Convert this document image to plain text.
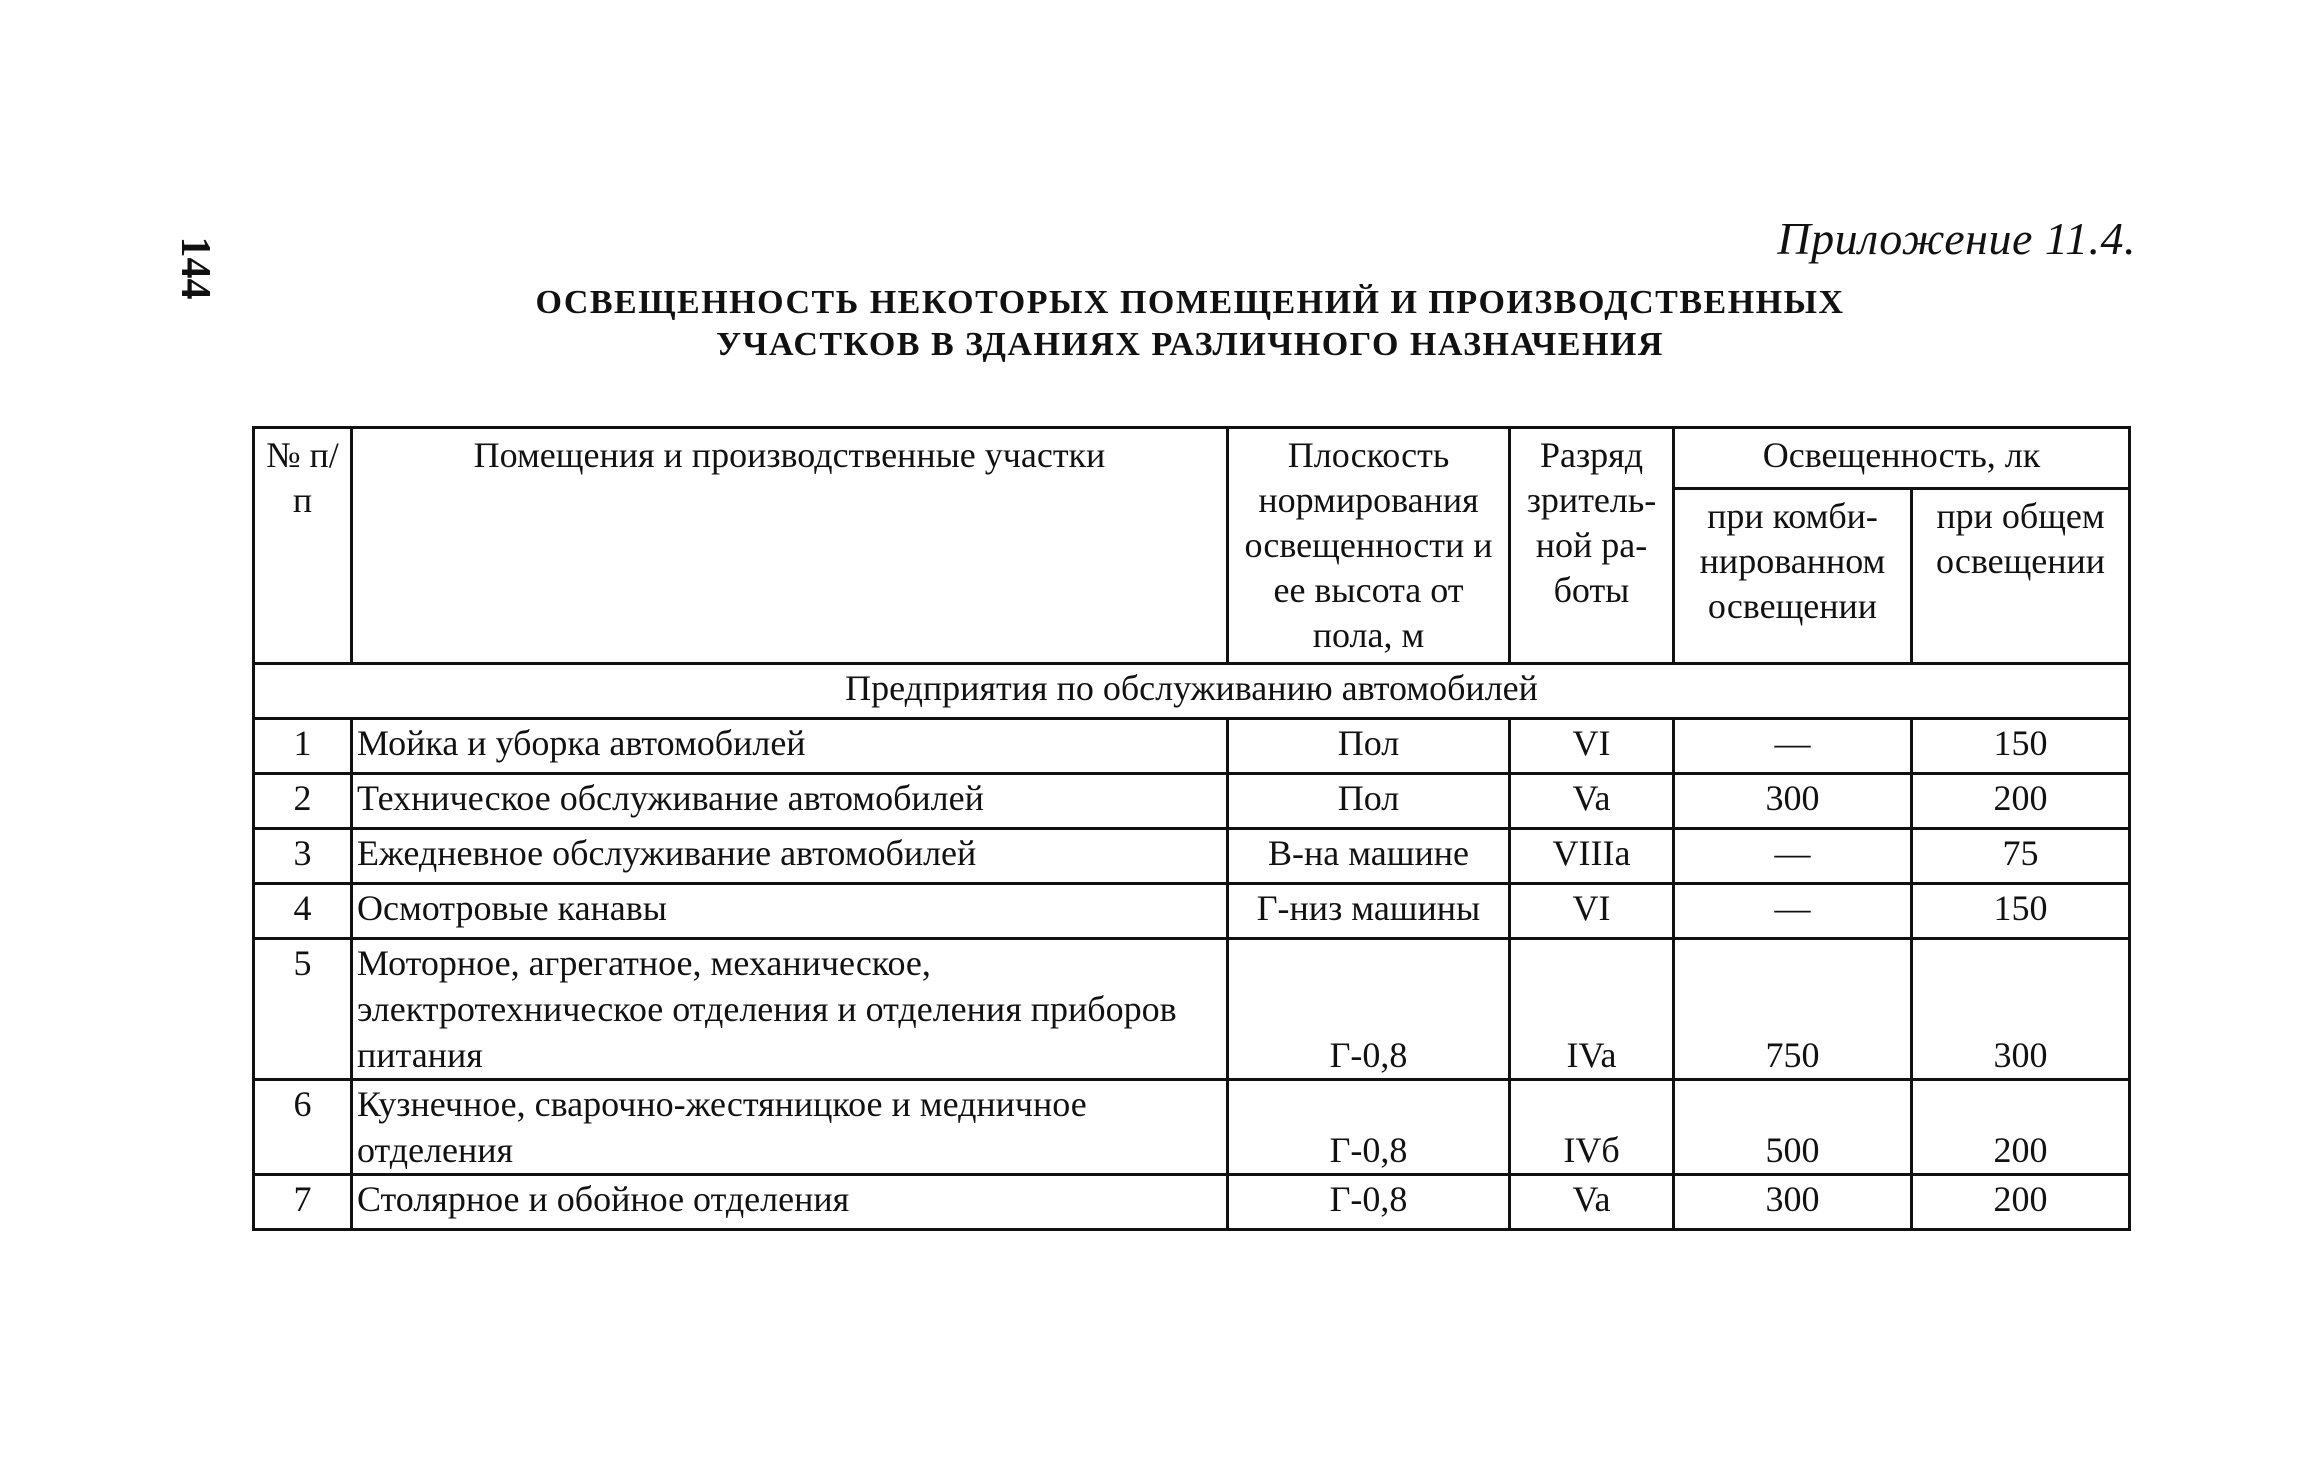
144	Приложение 11.4.
ОСВЕЩЕННОСТЬ НЕКОТОРЫХ ПОМЕЩЕНИЙ И ПРОИЗВОДСТВЕННЫХ
УЧАСТКОВ В ЗДАНИЯХ РАЗЛИЧНОГО НАЗНАЧЕНИЯ
№ п/п	Помещения и производственные участки	Плоскость нормирования освещенности и ее высота от пола, м	Разряд зритель-ной ра-боты	Освещенность, лк	
				при комби-нированном освещении	при общем освещении
Предприятия по обслуживанию автомобилей					
1	Мойка и уборка автомобилей	Пол	VI	—	150
2	Техническое обслуживание автомобилей	Пол	Va	300	200
3	Ежедневное обслуживание автомобилей	В-на машине	VIIIa	—	75
4	Осмотровые канавы	Г-низ машины	VI	—	150
5	Моторное, агрегатное, механическое, электротехническое отделения и отделения приборов питания	Г-0,8	IVa	750	300
6	Кузнечное, сварочно-жестяницкое и медничное отделения	Г-0,8	IVб	500	200
7	Столярное и обойное отделения	Г-0,8	Va	300	200
